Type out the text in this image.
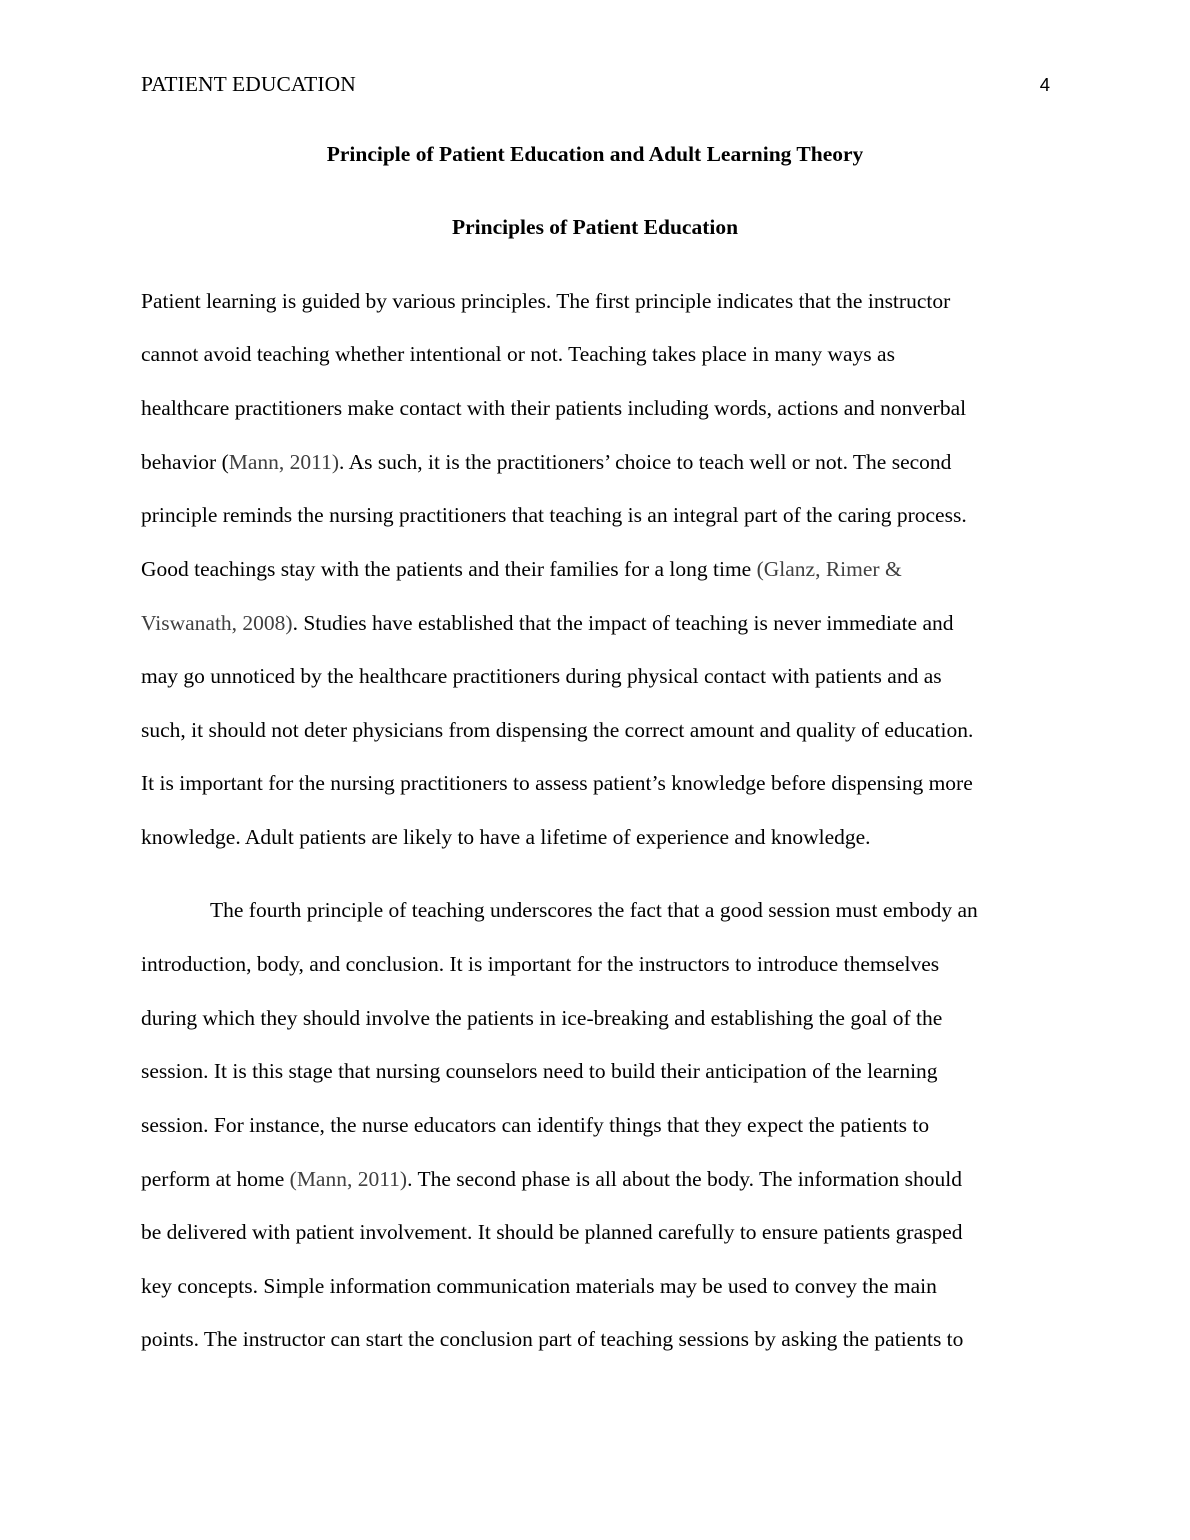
PATIENT EDUCATION	4
Principle of Patient Education and Adult Learning Theory
Principles of Patient Education
Patient learning is guided by various principles. The first principle indicates that the instructor
cannot avoid teaching whether intentional or not. Teaching takes place in many ways as
healthcare practitioners make contact with their patients including words, actions and nonverbal
behavior (Mann, 2011). As such, it is the practitioners’ choice to teach well or not. The second
principle reminds the nursing practitioners that teaching is an integral part of the caring process.
Good teachings stay with the patients and their families for a long time (Glanz, Rimer &
Viswanath, 2008). Studies have established that the impact of teaching is never immediate and
may go unnoticed by the healthcare practitioners during physical contact with patients and as
such, it should not deter physicians from dispensing the correct amount and quality of education.
It is important for the nursing practitioners to assess patient’s knowledge before dispensing more
knowledge. Adult patients are likely to have a lifetime of experience and knowledge.
The fourth principle of teaching underscores the fact that a good session must embody an
introduction, body, and conclusion. It is important for the instructors to introduce themselves
during which they should involve the patients in ice-breaking and establishing the goal of the
session. It is this stage that nursing counselors need to build their anticipation of the learning
session. For instance, the nurse educators can identify things that they expect the patients to
perform at home (Mann, 2011). The second phase is all about the body. The information should
be delivered with patient involvement. It should be planned carefully to ensure patients grasped
key concepts. Simple information communication materials may be used to convey the main
points. The instructor can start the conclusion part of teaching sessions by asking the patients to
